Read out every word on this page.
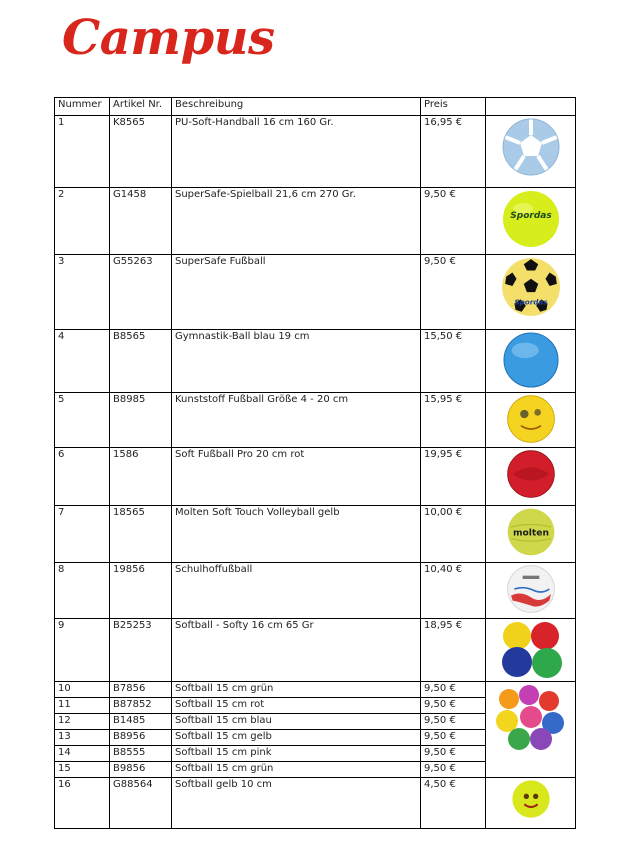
Campus
Nummer	Artikel Nr.	Beschreibung	Preis	
1	K8565	PU-Soft-Handball 16 cm 160 Gr.	16,95 €	

2	G1458	SuperSafe-Spielball 21,6 cm 270 Gr.	9,50 €	Spordas

3	G55263	SuperSafe Fußball	9,50 €	Spordas

4	B8565	Gymnastik-Ball blau 19 cm	15,50 €	

5	B8985	Kunststoff Fußball Größe 4 - 20 cm	15,95 €	

6	1586	Soft Fußball Pro 20 cm rot	19,95 €	

7	18565	Molten Soft Touch Volleyball gelb	10,00 €	molten

8	19856	Schulhoffußball	10,40 €	

9	B25253	Softball - Softy 16 cm 65 Gr	18,95 €	

10	B7856	Softball 15 cm grün	9,50 €	

11	B87852	Softball 15 cm rot	9,50 €	
12	B1485	Softball 15 cm blau	9,50 €	
13	B8956	Softball 15 cm gelb	9,50 €	
14	B8555	Softball 15 cm pink	9,50 €	
15	B9856	Softball 15 cm grün	9,50 €	
16	G88564	Softball gelb 10 cm	4,50 €	
